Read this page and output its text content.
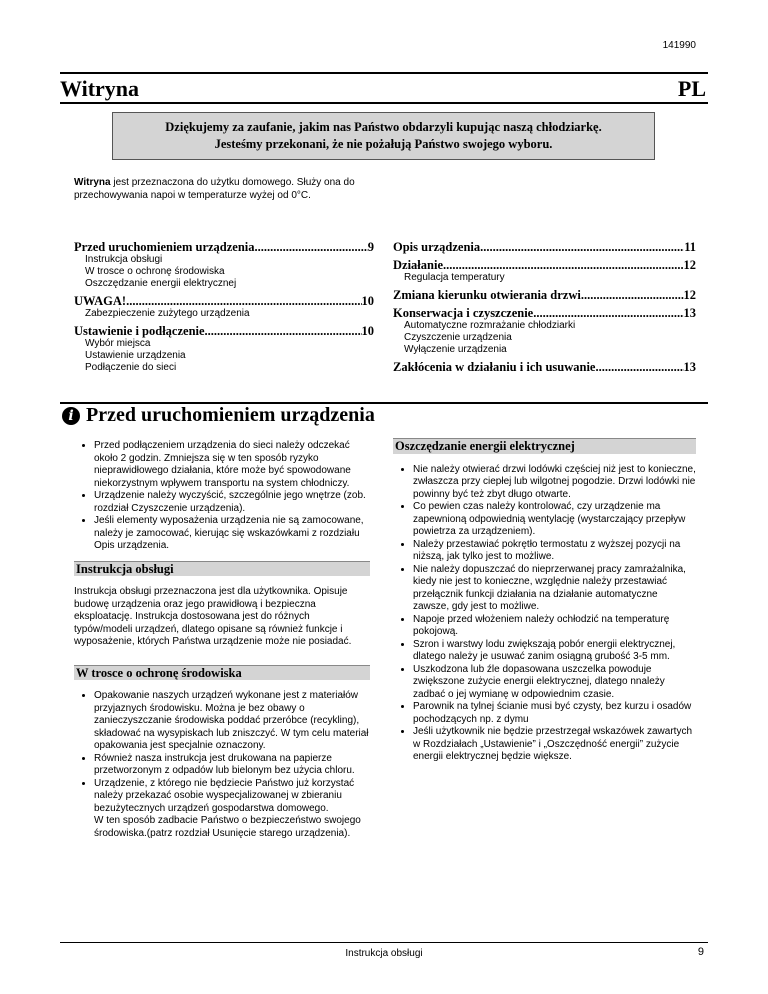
141990
Witryna	PL
Dziękujemy za zaufanie, jakim nas Państwo obdarzyli kupując naszą chłodziarkę.
Jesteśmy przekonani, że nie pożałują Państwo swojego wyboru.
Witryna jest przeznaczona do użytku domowego. Służy ona do przechowywania napoi w temperaturze wyżej od 0°C.
Przed uruchomieniem urządzenia .....	9
Instrukcja obsługi
W trosce o ochronę środowiska
Oszczędzanie energii elektrycznej
UWAGA! .....	10
Zabezpieczenie zużytego urządzenia
Ustawienie i podłączenie .....	10
Wybór miejsca
Ustawienie urządzenia
Podłączenie do sieci
Opis urządzenia .....	11
Działanie .....	12
Regulacja temperatury
Zmiana kierunku otwierania drzwi .....	12
Konserwacja i czyszczenie .....	13
Automatyczne rozmrażanie chłodziarki
Czyszczenie urządzenia
Wyłączenie urządzenia
Zakłócenia w działaniu i ich usuwanie .....	13
i Przed uruchomieniem urządzenia
• Przed podłączeniem urządzenia do sieci należy odczekać około 2 godzin. Zmniejsza się w ten sposób ryzyko nieprawidłowego działania, które może być spowodowane niekorzystnym wpływem transportu na system chłodniczy.
• Urządzenie należy wyczyścić, szczególnie jego wnętrze (zob. rozdział Czyszczenie urządzenia).
• Jeśli elementy wyposażenia urządzenia nie są zamocowane, należy je zamocować, kierując się wskazówkami z rozdziału Opis urządzenia.
Instrukcja obsługi

Instrukcja obsługi przeznaczona jest dla użytkownika. Opisuje budowę urządzenia oraz jego prawidłową i bezpieczna eksploatację. Instrukcja dostosowana jest do różnych typów/modeli urządzeń, dlatego opisane są również funkcje i wyposażenie, których Państwa urządzenie może nie posiadać.

W trosce o ochronę środowiska
• Opakowanie naszych urządzeń wykonane jest z materiałów przyjaznych środowisku. Można je bez obawy o zanieczyszczanie środowiska poddać przeróbce (recykling), składować na wysypiskach lub zniszczyć. W tym celu materiał opakowania jest specjalnie oznaczony.
• Również nasza instrukcja jest drukowana na papierze przetworzonym z odpadów lub bielonym bez użycia chloru.
• Urządzenie, z którego nie będziecie Państwo już korzystać należy przekazać osobie wyspecjalizowanej w zbieraniu bezużytecznych urządzeń gospodarstwa domowego.

W ten sposób zadbacie Państwo o bezpieczeństwo swojego środowiska.(patrz rozdział Usunięcie starego urządzenia).

Oszczędzanie energii elektrycznej
• Nie należy otwierać drzwi lodówki częściej niż jest to konieczne, zwłaszcza przy ciepłej lub wilgotnej pogodzie. Drzwi lodówki nie powinny być też zbyt długo otwarte.
• Co pewien czas należy kontrolować, czy urządzenie ma zapewnioną odpowiednią wentylację (wystarczający przepływ powietrza za urządzeniem).
• Należy przestawiać pokrętło termostatu z wyższej pozycji na niższą, jak tylko jest to możliwe.
• Nie należy dopuszczać do nieprzerwanej pracy zamrażalnika, kiedy nie jest to konieczne, względnie należy przestawiać przełącznik funkcji działania na działanie automatyczne zawsze, gdy jest to możliwe.
• Napoje przed włożeniem należy ochłodzić na temperaturę pokojową.
• Szron i warstwy lodu zwiększają pobór energii elektrycznej, dlatego należy je usuwać zanim osiągną grubość 3-5 mm.
• Uszkodzona lub źle dopasowana uszczelka powoduje zwiększone zużycie energii elektrycznej, dlatego nnależy zadbać o jej wymianę w odpowiednim czasie.
• Parownik na tylnej ścianie musi być czysty, bez kurzu i osadów pochodzących np. z dymu
• Jeśli użytkownik nie będzie przestrzegał wskazówek zawartych w Rozdziałach „Ustawienie” i „Oszczędność energii” zużycie energii elektrycznej będzie większe.
Instrukcja obsługi	9
